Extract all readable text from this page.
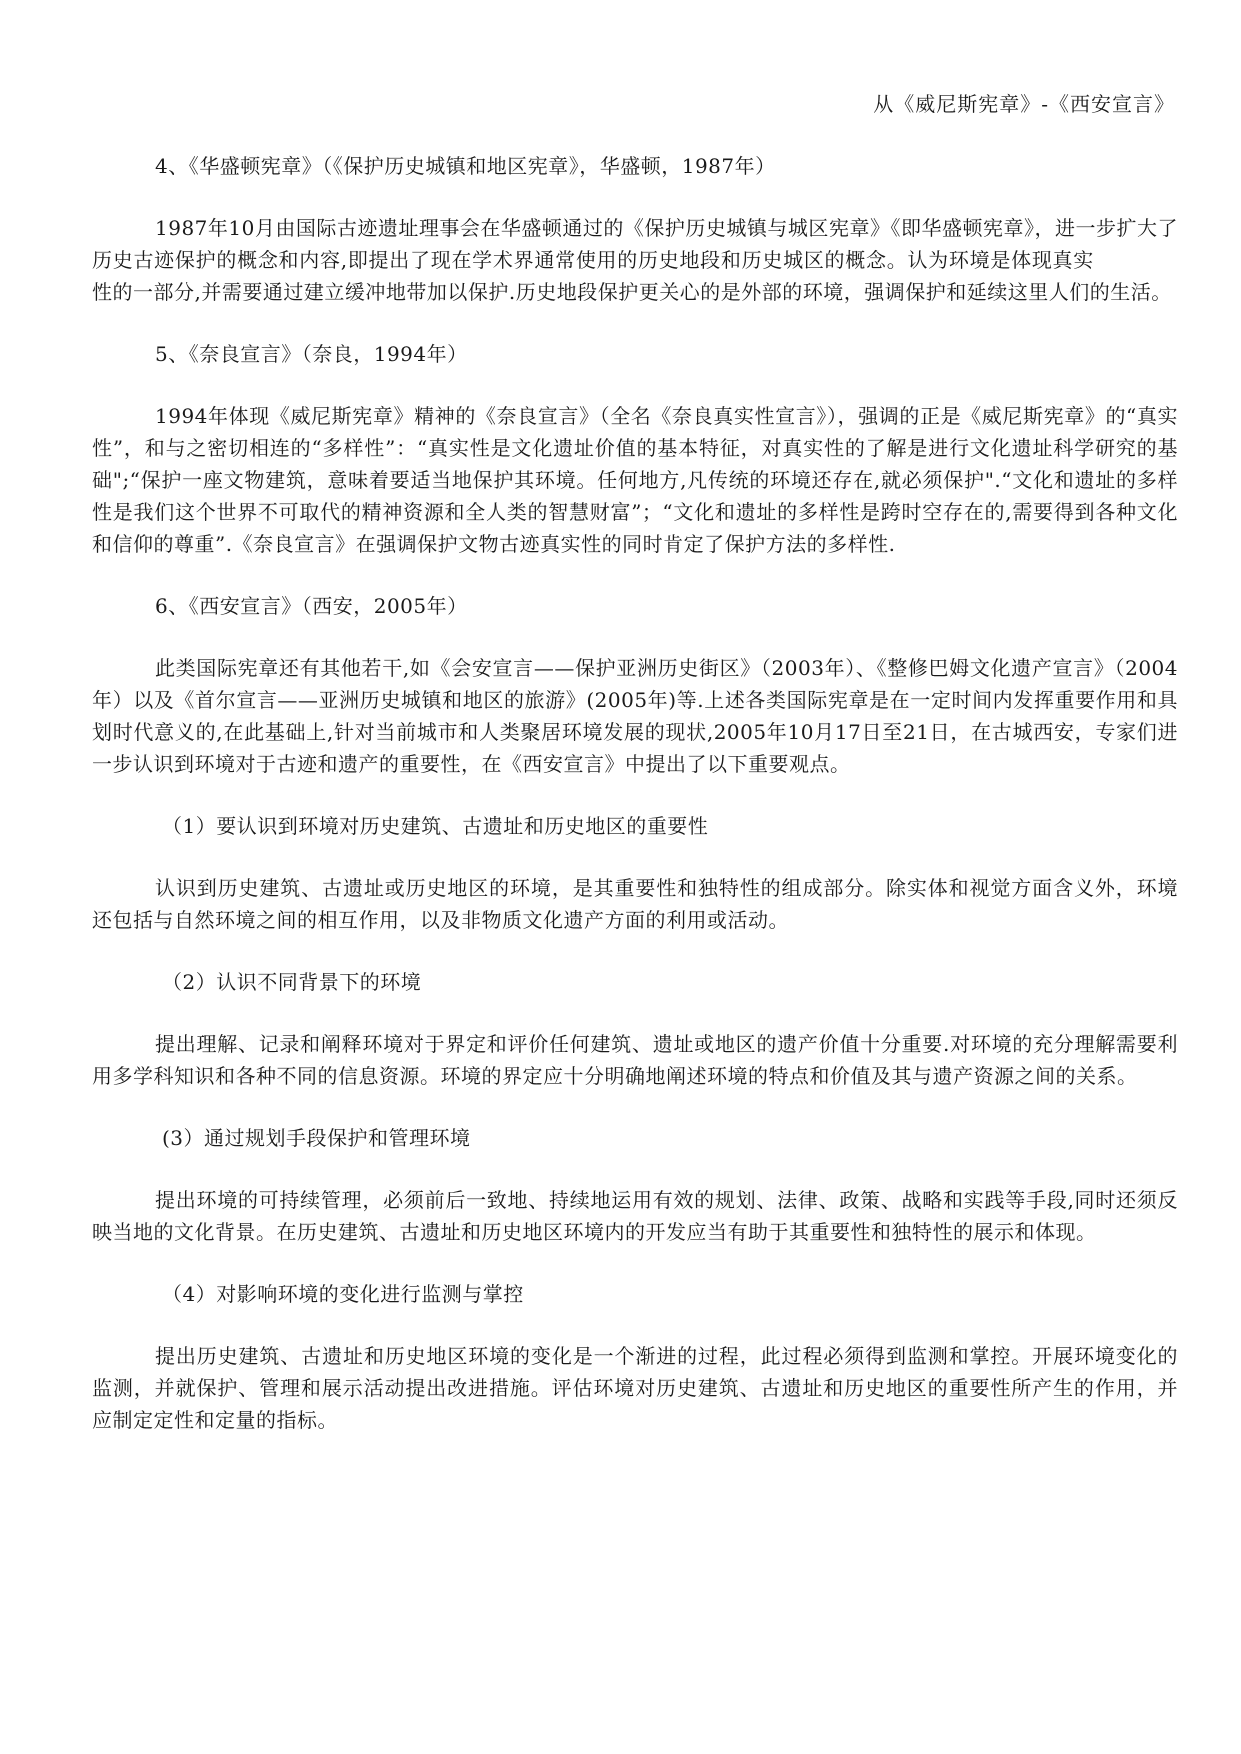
从《威尼斯宪章》-《西安宣言》

4、《华盛顿宪章》（《保护历史城镇和地区宪章》，华盛顿，1987年）

1987年10月由国际古迹遗址理事会在华盛顿通过的《保护历史城镇与城区宪章》《即华盛顿宪章》，进一步扩大了历史古迹保护的概念和内容,即提出了现在学术界通常使用的历史地段和历史城区的概念。认为环境是体现真实性的一部分,并需要通过建立缓冲地带加以保护.历史地段保护更关心的是外部的环境，强调保护和延续这里人们的生活。

5、《奈良宣言》（奈良，1994年）

1994年体现《威尼斯宪章》精神的《奈良宣言》（全名《奈良真实性宣言》），强调的正是《威尼斯宪章》的“真实性”，和与之密切相连的“多样性”：“真实性是文化遗址价值的基本特征，对真实性的了解是进行文化遗址科学研究的基础";“保护一座文物建筑，意味着要适当地保护其环境。任何地方,凡传统的环境还存在,就必须保护".“文化和遗址的多样性是我们这个世界不可取代的精神资源和全人类的智慧财富”；“文化和遗址的多样性是跨时空存在的,需要得到各种文化和信仰的尊重”.《奈良宣言》在强调保护文物古迹真实性的同时肯定了保护方法的多样性.

6、《西安宣言》（西安，2005年）

此类国际宪章还有其他若干,如《会安宣言——保护亚洲历史街区》（2003年）、《整修巴姆文化遗产宣言》（2004年）以及《首尔宣言——亚洲历史城镇和地区的旅游》(2005年)等.上述各类国际宪章是在一定时间内发挥重要作用和具划时代意义的,在此基础上,针对当前城市和人类聚居环境发展的现状,2005年10月17日至21日，在古城西安，专家们进一步认识到环境对于古迹和遗产的重要性，在《西安宣言》中提出了以下重要观点。

（1）要认识到环境对历史建筑、古遗址和历史地区的重要性

认识到历史建筑、古遗址或历史地区的环境，是其重要性和独特性的组成部分。除实体和视觉方面含义外，环境还包括与自然环境之间的相互作用，以及非物质文化遗产方面的利用或活动。

（2）认识不同背景下的环境

提出理解、记录和阐释环境对于界定和评价任何建筑、遗址或地区的遗产价值十分重要.对环境的充分理解需要利用多学科知识和各种不同的信息资源。环境的界定应十分明确地阐述环境的特点和价值及其与遗产资源之间的关系。

(3）通过规划手段保护和管理环境

提出环境的可持续管理，必须前后一致地、持续地运用有效的规划、法律、政策、战略和实践等手段,同时还须反映当地的文化背景。在历史建筑、古遗址和历史地区环境内的开发应当有助于其重要性和独特性的展示和体现。

（4）对影响环境的变化进行监测与掌控

提出历史建筑、古遗址和历史地区环境的变化是一个渐进的过程，此过程必须得到监测和掌控。开展环境变化的监测，并就保护、管理和展示活动提出改进措施。评估环境对历史建筑、古遗址和历史地区的重要性所产生的作用，并应制定定性和定量的指标。
